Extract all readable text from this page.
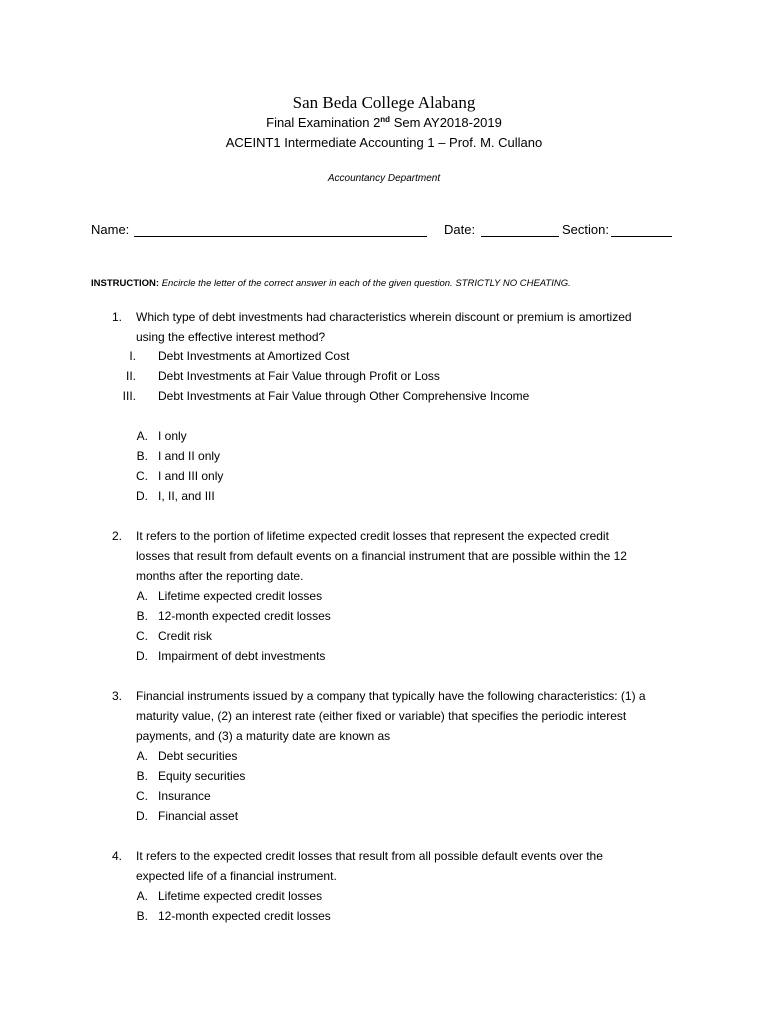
San Beda College Alabang
Final Examination 2nd Sem AY2018-2019
ACEINT1 Intermediate Accounting 1 – Prof. M. Cullano
Accountancy Department
Name:	Date:	Section:
INSTRUCTION: Encircle the letter of the correct answer in each of the given question. STRICTLY NO CHEATING.
1. Which type of debt investments had characteristics wherein discount or premium is amortized
using the effective interest method?
I. Debt Investments at Amortized Cost
II. Debt Investments at Fair Value through Profit or Loss
III. Debt Investments at Fair Value through Other Comprehensive Income
A. I only
B. I and II only
C. I and III only
D. I, II, and III
2. It refers to the portion of lifetime expected credit losses that represent the expected credit
losses that result from default events on a financial instrument that are possible within the 12
months after the reporting date.
A. Lifetime expected credit losses
B. 12-month expected credit losses
C. Credit risk
D. Impairment of debt investments
3. Financial instruments issued by a company that typically have the following characteristics: (1) a
maturity value, (2) an interest rate (either fixed or variable) that specifies the periodic interest
payments, and (3) a maturity date are known as
A. Debt securities
B. Equity securities
C. Insurance
D. Financial asset
4. It refers to the expected credit losses that result from all possible default events over the
expected life of a financial instrument.
A. Lifetime expected credit losses
B. 12-month expected credit losses
